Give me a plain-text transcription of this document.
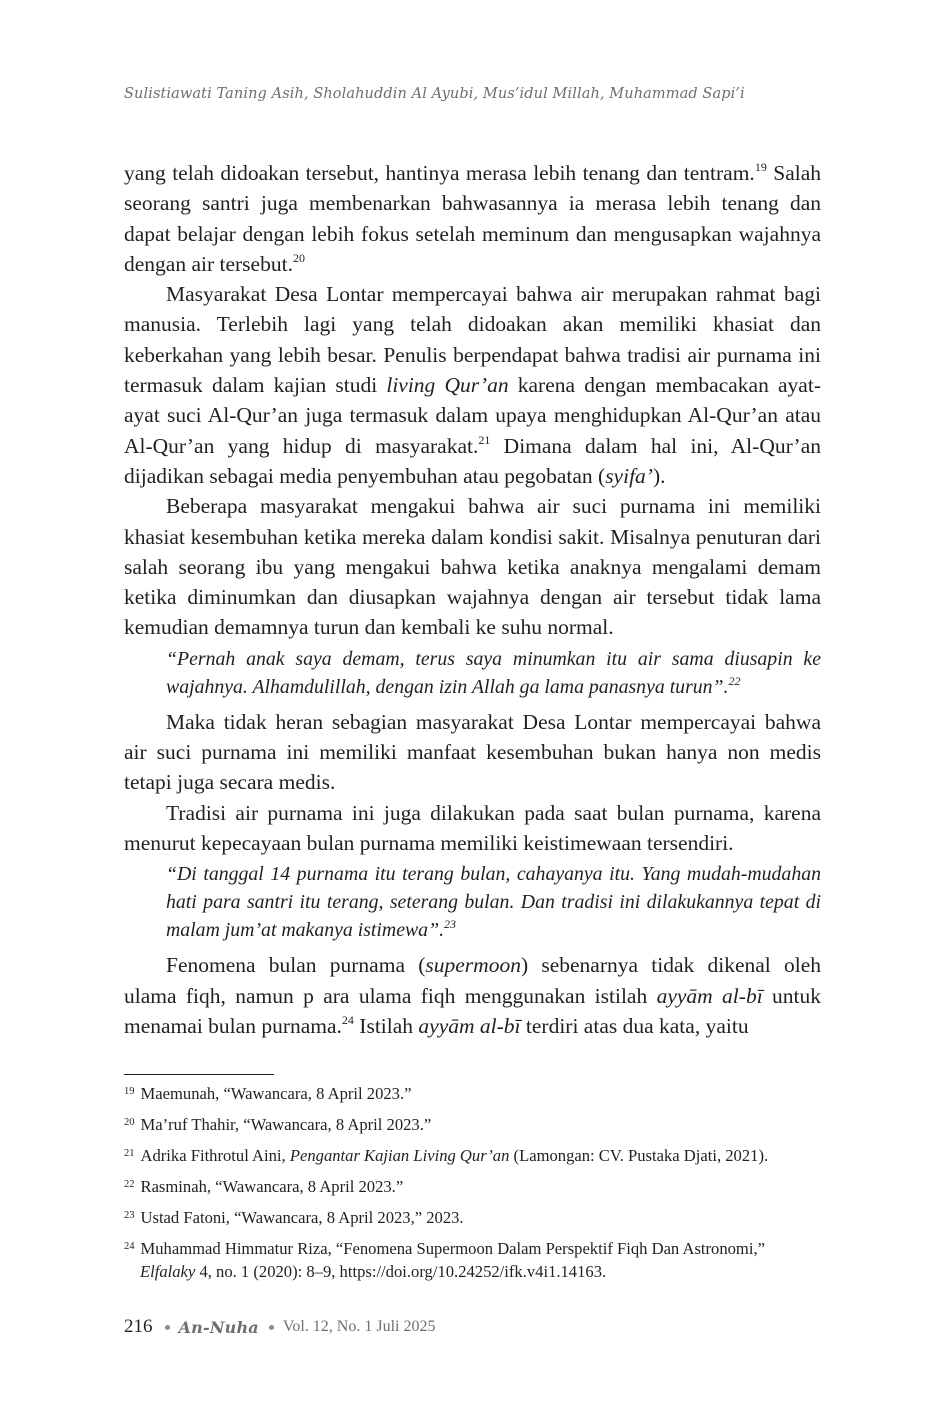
Sulistiawati Taning Asih, Sholahuddin Al Ayubi, Mus’idul Millah, Muhammad Sapi’i

yang telah didoakan tersebut, hantinya merasa lebih tenang dan tentram.$^{19}$ Salah seorang santri juga membenarkan bahwasannya ia merasa lebih tenang dan dapat belajar dengan lebih fokus setelah meminum dan mengusapkan wajahnya dengan air tersebut.$^{20}$

Masyarakat Desa Lontar mempercayai bahwa air merupakan rahmat bagi manusia. Terlebih lagi yang telah didoakan akan memiliki khasiat dan keberkahan yang lebih besar. Penulis berpendapat bahwa tradisi air purnama ini termasuk dalam kajian studi living Qur’an karena dengan membacakan ayat-ayat suci Al-Qur’an juga termasuk dalam upaya menghidupkan Al-Qur’an atau Al-Qur’an yang hidup di masyarakat.$^{21}$ Dimana dalam hal ini, Al-Qur’an dijadikan sebagai media penyembuhan atau pegobatan (syifa’).

Beberapa masyarakat mengakui bahwa air suci purnama ini memiliki khasiat kesembuhan ketika mereka dalam kondisi sakit. Misalnya penuturan dari salah seorang ibu yang mengakui bahwa ketika anaknya mengalami demam ketika diminumkan dan diusapkan wajahnya dengan air tersebut tidak lama kemudian demamnya turun dan kembali ke suhu normal.

“Pernah anak saya demam, terus saya minumkan itu air sama diusapin ke wajahnya. Alhamdulillah, dengan izin Allah ga lama panasnya turun”.$^{22}$

Maka tidak heran sebagian masyarakat Desa Lontar mempercayai bahwa air suci purnama ini memiliki manfaat kesembuhan bukan hanya non medis tetapi juga secara medis.

Tradisi air purnama ini juga dilakukan pada saat bulan purnama, karena menurut kepecayaan bulan purnama memiliki keistimewaan tersendiri.

“Di tanggal 14 purnama itu terang bulan, cahayanya itu. Yang mudah-mudahan hati para santri itu terang, seterang bulan. Dan tradisi ini dilakukannya tepat di malam jum’at makanya istimewa”.$^{23}$

Fenomena bulan purnama (supermoon) sebenarnya tidak dikenal oleh ulama fiqh, namun p ara ulama fiqh menggunakan istilah ayyām al-bī untuk menamai bulan purnama.$^{24}$ Istilah ayyām al-bī terdiri atas dua kata, yaitu

$^{19}$ Maemunah, “Wawancara, 8 April 2023.”
$^{20}$ Ma’ruf Thahir, “Wawancara, 8 April 2023.”
$^{21}$ Adrika Fithrotul Aini, Pengantar Kajian Living Qur’an (Lamongan: CV. Pustaka Djati, 2021).
$^{22}$ Rasminah, “Wawancara, 8 April 2023.”
$^{23}$ Ustad Fatoni, “Wawancara, 8 April 2023,” 2023.
$^{24}$ Muhammad Himmatur Riza, “Fenomena Supermoon Dalam Perspektif Fiqh Dan Astronomi,”
Elfalaky 4, no. 1 (2020): 8–9, https://doi.org/10.24252/ifk.v4i1.14163.
216 An-Nuha Vol. 12, No. 1 Juli 2025
